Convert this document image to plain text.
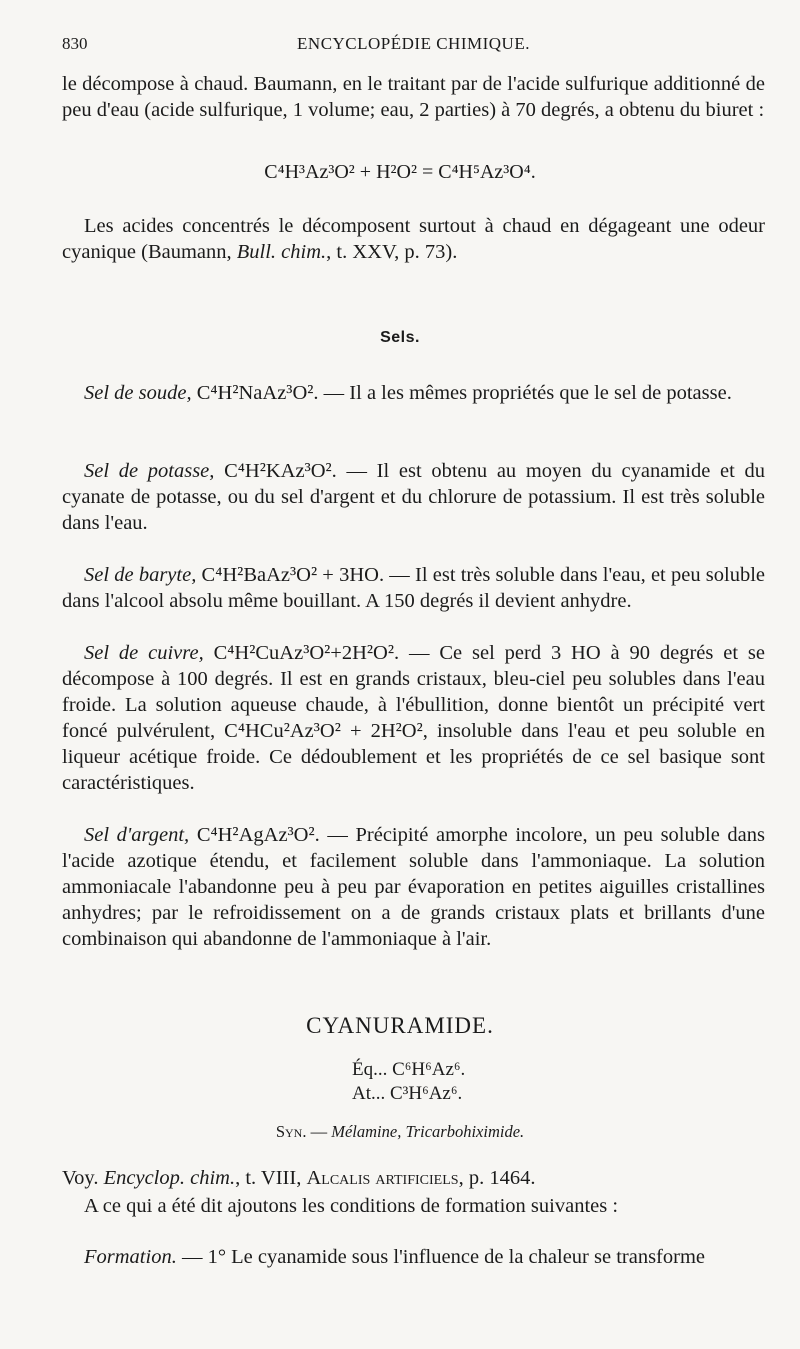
830	ENCYCLOPÉDIE CHIMIQUE.
le décompose à chaud. Baumann, en le traitant par de l'acide sulfurique additionné de peu d'eau (acide sulfurique, 1 volume; eau, 2 parties) à 70 degrés, a obtenu du biuret :
C⁴H³Az³O² + H²O² = C⁴H⁵Az³O⁴.
Les acides concentrés le décomposent surtout à chaud en dégageant une odeur cyanique (Baumann, Bull. chim., t. XXV, p. 73).
Sels.
Sel de soude, C⁴H²NaAz³O². — Il a les mêmes propriétés que le sel de potasse.
Sel de potasse, C⁴H²KAz³O². — Il est obtenu au moyen du cyanamide et du cyanate de potasse, ou du sel d'argent et du chlorure de potassium. Il est très soluble dans l'eau.
Sel de baryte, C⁴H²BaAz³O² + 3HO. — Il est très soluble dans l'eau, et peu soluble dans l'alcool absolu même bouillant. A 150 degrés il devient anhydre.
Sel de cuivre, C⁴H²CuAz³O²+2H²O². — Ce sel perd 3 HO à 90 degrés et se décompose à 100 degrés. Il est en grands cristaux, bleu-ciel peu solubles dans l'eau froide. La solution aqueuse chaude, à l'ébullition, donne bientôt un précipité vert foncé pulvérulent, C⁴HCu²Az³O² + 2H²O², insoluble dans l'eau et peu soluble en liqueur acétique froide. Ce dédoublement et les propriétés de ce sel basique sont caractéristiques.
Sel d'argent, C⁴H²AgAz³O². — Précipité amorphe incolore, un peu soluble dans l'acide azotique étendu, et facilement soluble dans l'ammoniaque. La solution ammoniacale l'abandonne peu à peu par évaporation en petites aiguilles cristallines anhydres; par le refroidissement on a de grands cristaux plats et brillants d'une combinaison qui abandonne de l'ammoniaque à l'air.
CYANURAMIDE.
Éq... C⁶H⁶Az⁶.
At... C³H⁶Az⁶.
Syn. — Mélamine, Tricarbohiximide.
Voy. Encyclop. chim., t. VIII, Alcalis artificiels, p. 1464.
A ce qui a été dit ajoutons les conditions de formation suivantes :
Formation. — 1° Le cyanamide sous l'influence de la chaleur se transforme
